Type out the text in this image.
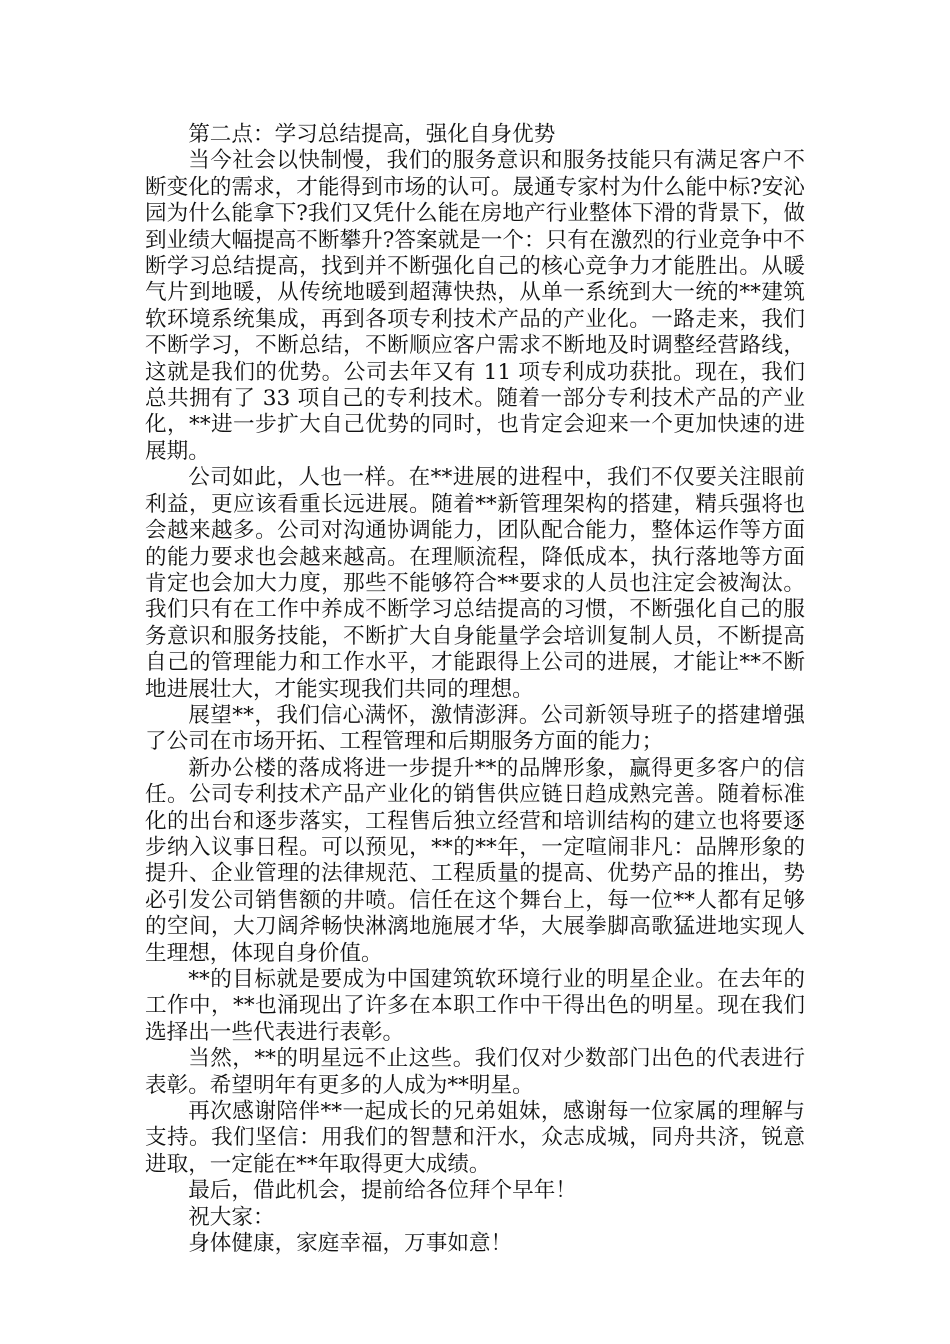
第二点：学习总结提高，强化自身优势

当今社会以快制慢，我们的服务意识和服务技能只有满足客户不断变化的需求，才能得到市场的认可。晟通专家村为什么能中标?安沁园为什么能拿下?我们又凭什么能在房地产行业整体下滑的背景下，做到业绩大幅提高不断攀升?答案就是一个：只有在激烈的行业竞争中不断学习总结提高，找到并不断强化自己的核心竞争力才能胜出。从暖气片到地暖，从传统地暖到超薄快热，从单一系统到大一统的**建筑软环境系统集成，再到各项专利技术产品的产业化。一路走来，我们不断学习，不断总结，不断顺应客户需求不断地及时调整经营路线，这就是我们的优势。公司去年又有 11 项专利成功获批。现在，我们总共拥有了 33 项自己的专利技术。随着一部分专利技术产品的产业化，**进一步扩大自己优势的同时，也肯定会迎来一个更加快速的进展期。

公司如此，人也一样。在**进展的进程中，我们不仅要关注眼前利益，更应该看重长远进展。随着**新管理架构的搭建，精兵强将也会越来越多。公司对沟通协调能力，团队配合能力，整体运作等方面的能力要求也会越来越高。在理顺流程，降低成本，执行落地等方面肯定也会加大力度，那些不能够符合**要求的人员也注定会被淘汰。我们只有在工作中养成不断学习总结提高的习惯，不断强化自己的服务意识和服务技能，不断扩大自身能量学会培训复制人员，不断提高自己的管理能力和工作水平，才能跟得上公司的进展，才能让**不断地进展壮大，才能实现我们共同的理想。

展望**，我们信心满怀，激情澎湃。公司新领导班子的搭建增强了公司在市场开拓、工程管理和后期服务方面的能力；

新办公楼的落成将进一步提升**的品牌形象，赢得更多客户的信任。公司专利技术产品产业化的销售供应链日趋成熟完善。随着标准化的出台和逐步落实，工程售后独立经营和培训结构的建立也将要逐步纳入议事日程。可以预见，**的**年，一定喧闹非凡：品牌形象的提升、企业管理的法律规范、工程质量的提高、优势产品的推出，势必引发公司销售额的井喷。信任在这个舞台上，每一位**人都有足够的空间，大刀阔斧畅快淋漓地施展才华，大展拳脚高歌猛进地实现人生理想，体现自身价值。

**的目标就是要成为中国建筑软环境行业的明星企业。在去年的工作中，**也涌现出了许多在本职工作中干得出色的明星。现在我们选择出一些代表进行表彰。

当然，**的明星远不止这些。我们仅对少数部门出色的代表进行表彰。希望明年有更多的人成为**明星。

再次感谢陪伴**一起成长的兄弟姐妹，感谢每一位家属的理解与支持。我们坚信：用我们的智慧和汗水，众志成城，同舟共济，锐意进取，一定能在**年取得更大成绩。

最后，借此机会，提前给各位拜个早年！

祝大家：

身体健康，家庭幸福，万事如意！
